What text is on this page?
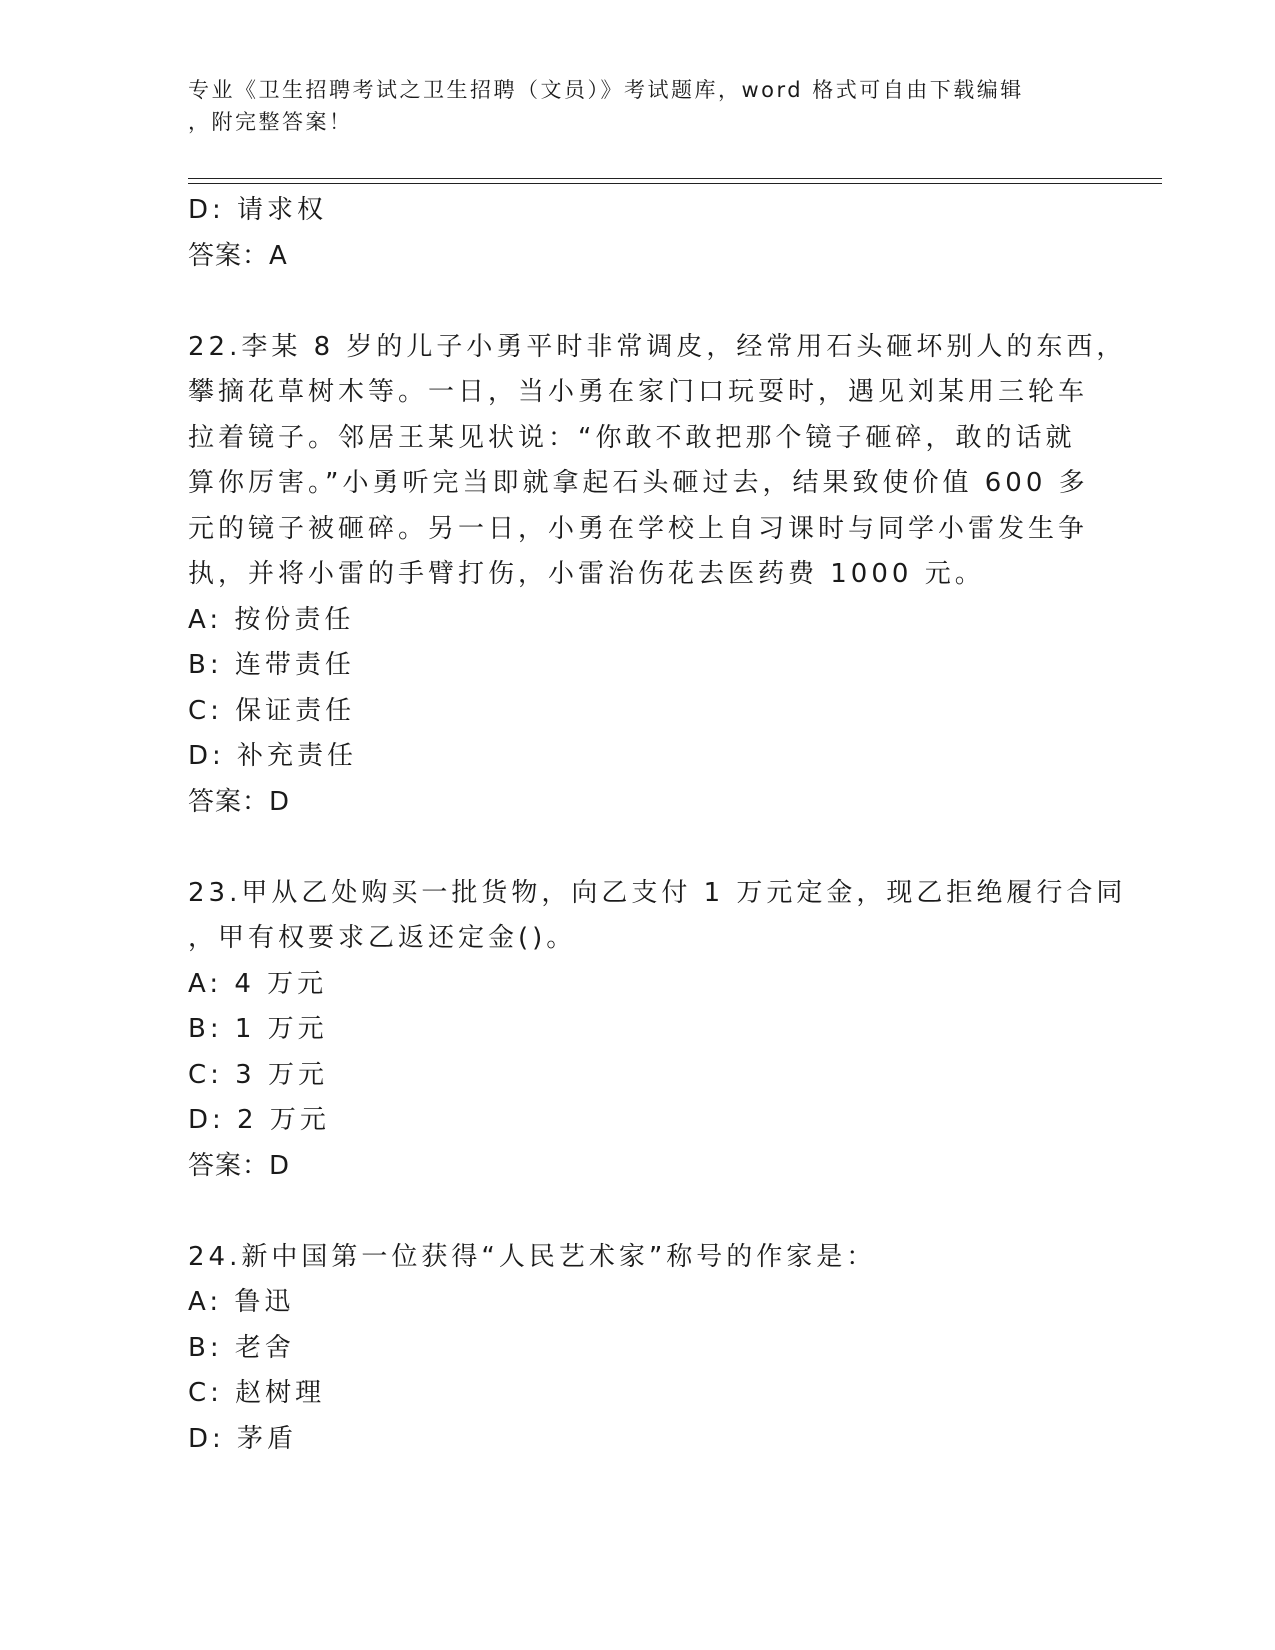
专业《卫生招聘考试之卫生招聘（文员）》考试题库，word 格式可自由下载编辑
，附完整答案！
D: 请求权
答案：A
22.李某 8 岁的儿子小勇平时非常调皮，经常用石头砸坏别人的东西，
攀摘花草树木等。一日，当小勇在家门口玩耍时，遇见刘某用三轮车
拉着镜子。邻居王某见状说：“你敢不敢把那个镜子砸碎，敢的话就
算你厉害。”小勇听完当即就拿起石头砸过去，结果致使价值 600 多
元的镜子被砸碎。另一日，小勇在学校上自习课时与同学小雷发生争
执，并将小雷的手臂打伤，小雷治伤花去医药费 1000 元。
A: 按份责任
B: 连带责任
C: 保证责任
D: 补充责任
答案：D
23.甲从乙处购买一批货物，向乙支付 1 万元定金，现乙拒绝履行合同
，甲有权要求乙返还定金()。
A: 4 万元
B: 1 万元
C: 3 万元
D: 2 万元
答案：D
24.新中国第一位获得“人民艺术家”称号的作家是：
A: 鲁迅
B: 老舍
C: 赵树理
D: 茅盾
